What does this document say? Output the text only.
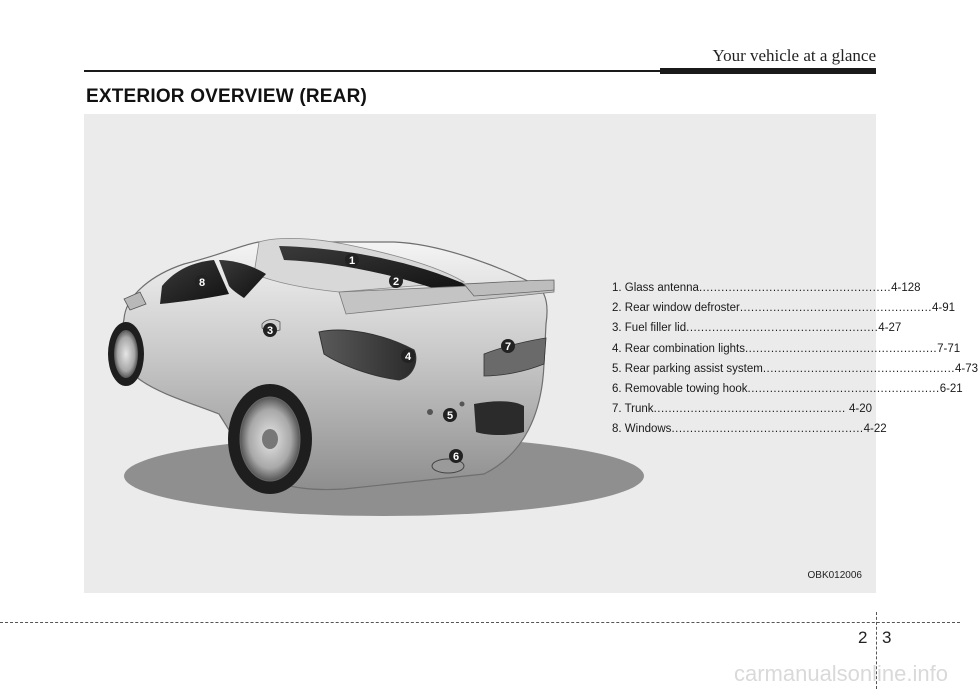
Your vehicle at a glance
EXTERIOR OVERVIEW (REAR)
1
2
3
4
5
6
7
8	1. Glass antenna .................................................... 4-128
2. Rear window defroster .................................................... 4-91
3. Fuel filler lid .................................................... 4-27
4. Rear combination lights .................................................... 7-71
5. Rear parking assist system .................................................... 4-73
6. Removable towing hook .................................................... 6-21
7. Trunk .................................................... 4-20
8. Windows .................................................... 4-22
OBK012006
2 3
carmanualsonline.info
